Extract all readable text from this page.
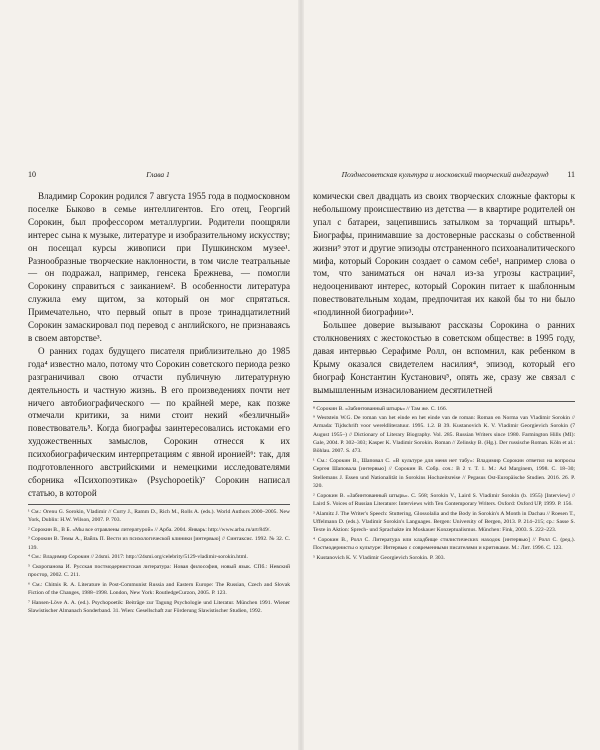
10	Глава 1

Владимир Сорокин родился 7 августа 1955 года в подмосковном поселке Быково в семье интеллигентов. Его отец, Георгий Сорокин, был профессором металлургии. Родители поощряли интерес сына к музыке, литературе и изобразительному искусству; он посещал курсы живописи при Пушкинском музее¹. Разнообразные творческие наклонности, в том числе театральные — он подражал, например, генсека Брежнева, — помогли Сорокину справиться с заиканием². В особенности литература служила ему щитом, за который он мог спрятаться. Примечательно, что первый опыт в прозе тринадцатилетний Сорокин замаскировал под перевод с английского, не признаваясь в своем авторстве³.

О ранних годах будущего писателя приблизительно до 1985 года⁴ известно мало, потому что Сорокин советского периода резко разграничивал свою отчасти публичную литературную деятельность и частную жизнь. В его произведениях почти нет ничего автобиографического — по крайней мере, как позже отмечали критики, за ними стоит некий «безличный» повествователь⁵. Когда биографы заинтересовались истоками его художественных замыслов, Сорокин отнесся к их психобиографическим интерпретациям с явной иронией⁶: так, для подготовленного австрийскими и немецкими исследователями сборника «Психопоэтика» (Psychopoetik)⁷ Сорокин написал статью, в которой

¹ См.: Orenu G. Sorokin, Vladimir // Curry J., Ramm D., Rich M., Rolls A. (eds.). World Authors 2000–2005. New York, Dublin: H.W. Wilson, 2007. P. 703.

² Сорокин В., В Б. «Мы все отравлены литературой» // Арба. 2004. Январь: http://www.arba.ru/art/849/.

³ Сорокин В. Темы А., Вайль П. Вести из психологической клиники [интервью] // Синтаксис. 1992. № 32. С. 139.

⁴ См.: Владимир Сорокин // 24smi. 2017: http://24smi.org/celebrity/5129-vladimir-sorokin.html.

⁵ Скоропанова И. Русская постмодернистская литература: Новая философия, новый язык. СПб.: Невский простор, 2002. С. 211.

⁶ См.: Chitnis R. A. Literature in Post-Communist Russia and Eastern Europe: The Russian, Czech and Slovak Fiction of the Changes, 1988–1998. London, New York: RoutledgeCurzon, 2005. P. 123.

⁷ Hansen-Löve A. A. (ed.). Psychopoetik: Beiträge zur Tagung Psychologie und Literatur. München 1991. Wiener Slawistischer Almanach Sonderband. 31. Wien: Gesellschaft zur Förderung Slawistischer Studien, 1992.

Позднесоветская культура и московский творческий андеграунд 11

комически свел двадцать из своих творческих сложные факторы к небольшому происшествию из детства — в квартире родителей он упал с батареи, зацепившись затылком за торчащий штырь⁸. Биографы, принимавшие за достоверные рассказы о собственной жизни⁹ этот и другие эпизоды отстраненного психоаналитического мифа, который Сорокин создает о самом себе¹, например слова о том, что заниматься он начал из-за угрозы кастрации², недооценивают интерес, который Сорокин питает к шаблонным повествовательным ходам, предпочитая их какой бы то ни было «подлинной биографии»³.

Большее доверие вызывают рассказы Сорокина о ранних столкновениях с жестокостью в советском обществе: в 1995 году, давая интервью Серафиме Ролл, он вспомнил, как ребенком в Крыму оказался свидетелем насилия⁴, эпизод, который его биограф Константин Кустанович⁵, опять же, сразу же связал с вымышленным изнасилованием десятилетней

⁸ Сорокин В. «Забинтованный штырь» // Там же. С. 166.

⁹ Weststein W.G. De roman van het einde en het einde van de roman: Roman en Norma van Vladimir Sorokin // Armada: Tijdschrift voor wereldliteratuur. 1995. 1.2. В 39. Kustanovich K. V. Vladimir Georgievich Sorokin (7 August 1955–) // Dictionary of Literary Biography. Vol. 285. Russian Writers since 1980. Farmington Hills (MI): Gale, 2004. P. 302–303; Kasper K. Vladimir Sorokin. Roman // Zelinsky B. (Hg.). Der russische Roman. Köln et al.: Böhlau. 2007. S. 473.

¹ См.: Сорокин В., Шаповал С. «В культуре для меня нет табу»: Владимир Сорокин ответил на вопросы Сергея Шаповала [интервью] // Сорокин В. Собр. соч.: В 2 т. Т. 1. М.: Ad Marginem, 1998. С. 18–30; Stellemans J. Essen und Nationalität in Sorokins Hochzeitsreise // Pegasus Ost-Europäische Studien. 2016. 26. P. 320.

² Сорокин В. «Забинтованный штырь». С. 568; Sorokin V., Laird S. Vladimir Sorokin (b. 1955) [Interview] // Laird S. Voices of Russian Literature: Interviews with Ten Contemporary Writers. Oxford: Oxford UP, 1999. P. 156.

³ Alamitz J. The Writer's Speech: Stuttering, Glossolalia and the Body in Sorokin's A Month in Dachau // Roesen T., Uffelmann D. (eds.). Vladimir Sorokin's Languages. Bergen: University of Bergen, 2013. P. 214–215; ср.: Sasse S. Texte in Aktion: Sprech- und Sprachakte im Moskauer Konzeptualismus. München: Fink, 2003. S. 222–223.

⁴ Сорокин В., Ролл С. Литература или кладбище стилистических находок [интервью] // Ролл С. (ред.). Постмодернисты о культуре: Интервью с современными писателями и критиками. М.: Лит. 1996. С. 123.

⁵ Kustanovich K. V. Vladimir Georgievich Sorokin. P. 303.
